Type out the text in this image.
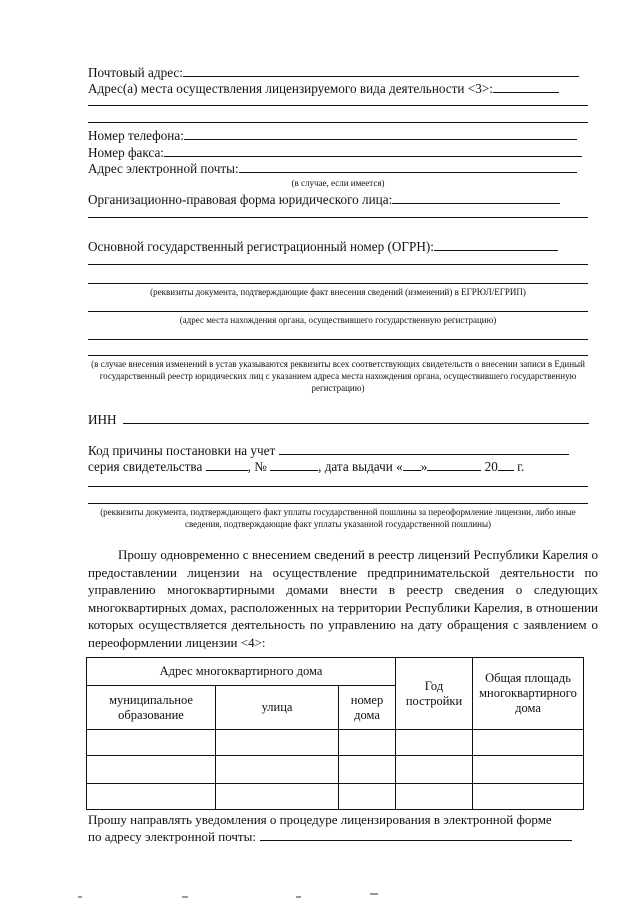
Почтовый адрес:
Адрес(а) места осуществления лицензируемого вида деятельности <3>:
Номер телефона:
Номер факса:
Адрес электронной почты:
(в случае, если имеется)
Организационно-правовая форма юридического лица:
Основной государственный регистрационный номер (ОГРН):
(реквизиты документа, подтверждающие факт внесения сведений (изменений) в ЕГРЮЛ/ЕГРИП)
(адрес места нахождения органа, осуществившего государственную регистрацию)
(в случае внесения изменений в устав указываются реквизиты всех соответствующих свидетельств о внесении записи в Единый государственный реестр юридических лиц с указанием адреса места нахождения органа, осуществившего государственную регистрацию)
ИНН
Код причины постановки на учет
серия свидетельства	, №	, дата выдачи « »	20 г.
(реквизиты документа, подтверждающего факт уплаты государственной пошлины за переоформление лицензии, либо иные сведения, подтверждающие факт уплаты указанной государственной пошлины)
Прошу одновременно с внесением сведений в реестр лицензий Республики Карелия о предоставлении лицензии на осуществление предпринимательской деятельности по управлению многоквартирными домами внести в реестр сведения о следующих многоквартирных домах, расположенных на территории Республики Карелия, в отношении которых осуществляется деятельность по управлению на дату обращения с заявлением о переоформлении лицензии <4>:
Адрес многоквартирного дома			Год постройки	Общая площадь многоквартирного дома
муниципальное образование	улица	номер дома		

Прошу направлять уведомления о процедуре лицензирования в электронной форме
по адресу электронной почты:
